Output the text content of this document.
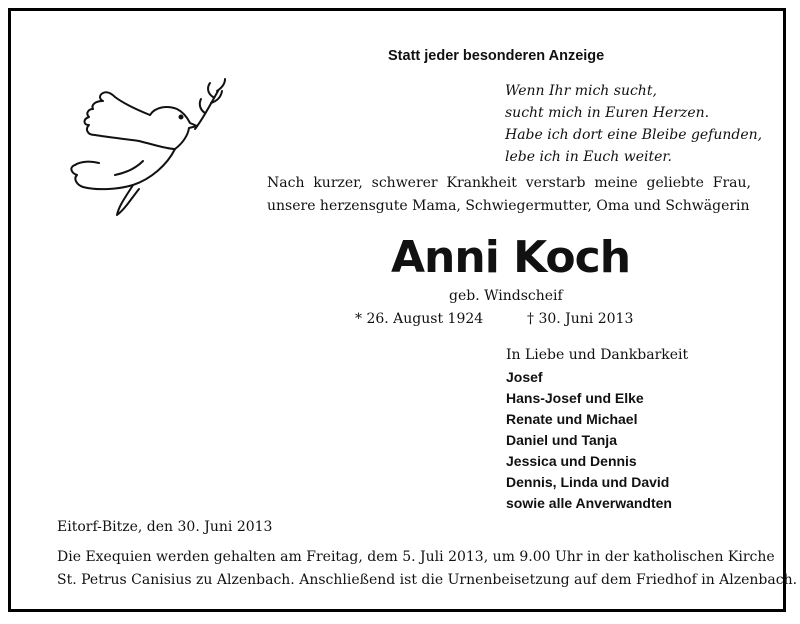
Statt jeder besonderen Anzeige
Wenn Ihr mich sucht,
sucht mich in Euren Herzen.
Habe ich dort eine Bleibe gefunden,
lebe ich in Euch weiter.
Nach kurzer, schwerer Krankheit verstarb meine geliebte Frau, unsere herzensgute Mama, Schwiegermutter, Oma und Schwägerin
Anni Koch
geb. Windscheif
* 26. August 1924	† 30. Juni 2013
In Liebe und Dankbarkeit
Josef
Hans-Josef und Elke
Renate und Michael
Daniel und Tanja
Jessica und Dennis
Dennis, Linda und David
sowie alle Anverwandten
Eitorf-Bitze, den 30. Juni 2013
Die Exequien werden gehalten am Freitag, dem 5. Juli 2013, um 9.00 Uhr in der katholischen Kirche
St. Petrus Canisius zu Alzenbach. Anschließend ist die Urnenbeisetzung auf dem Friedhof in Alzenbach.
